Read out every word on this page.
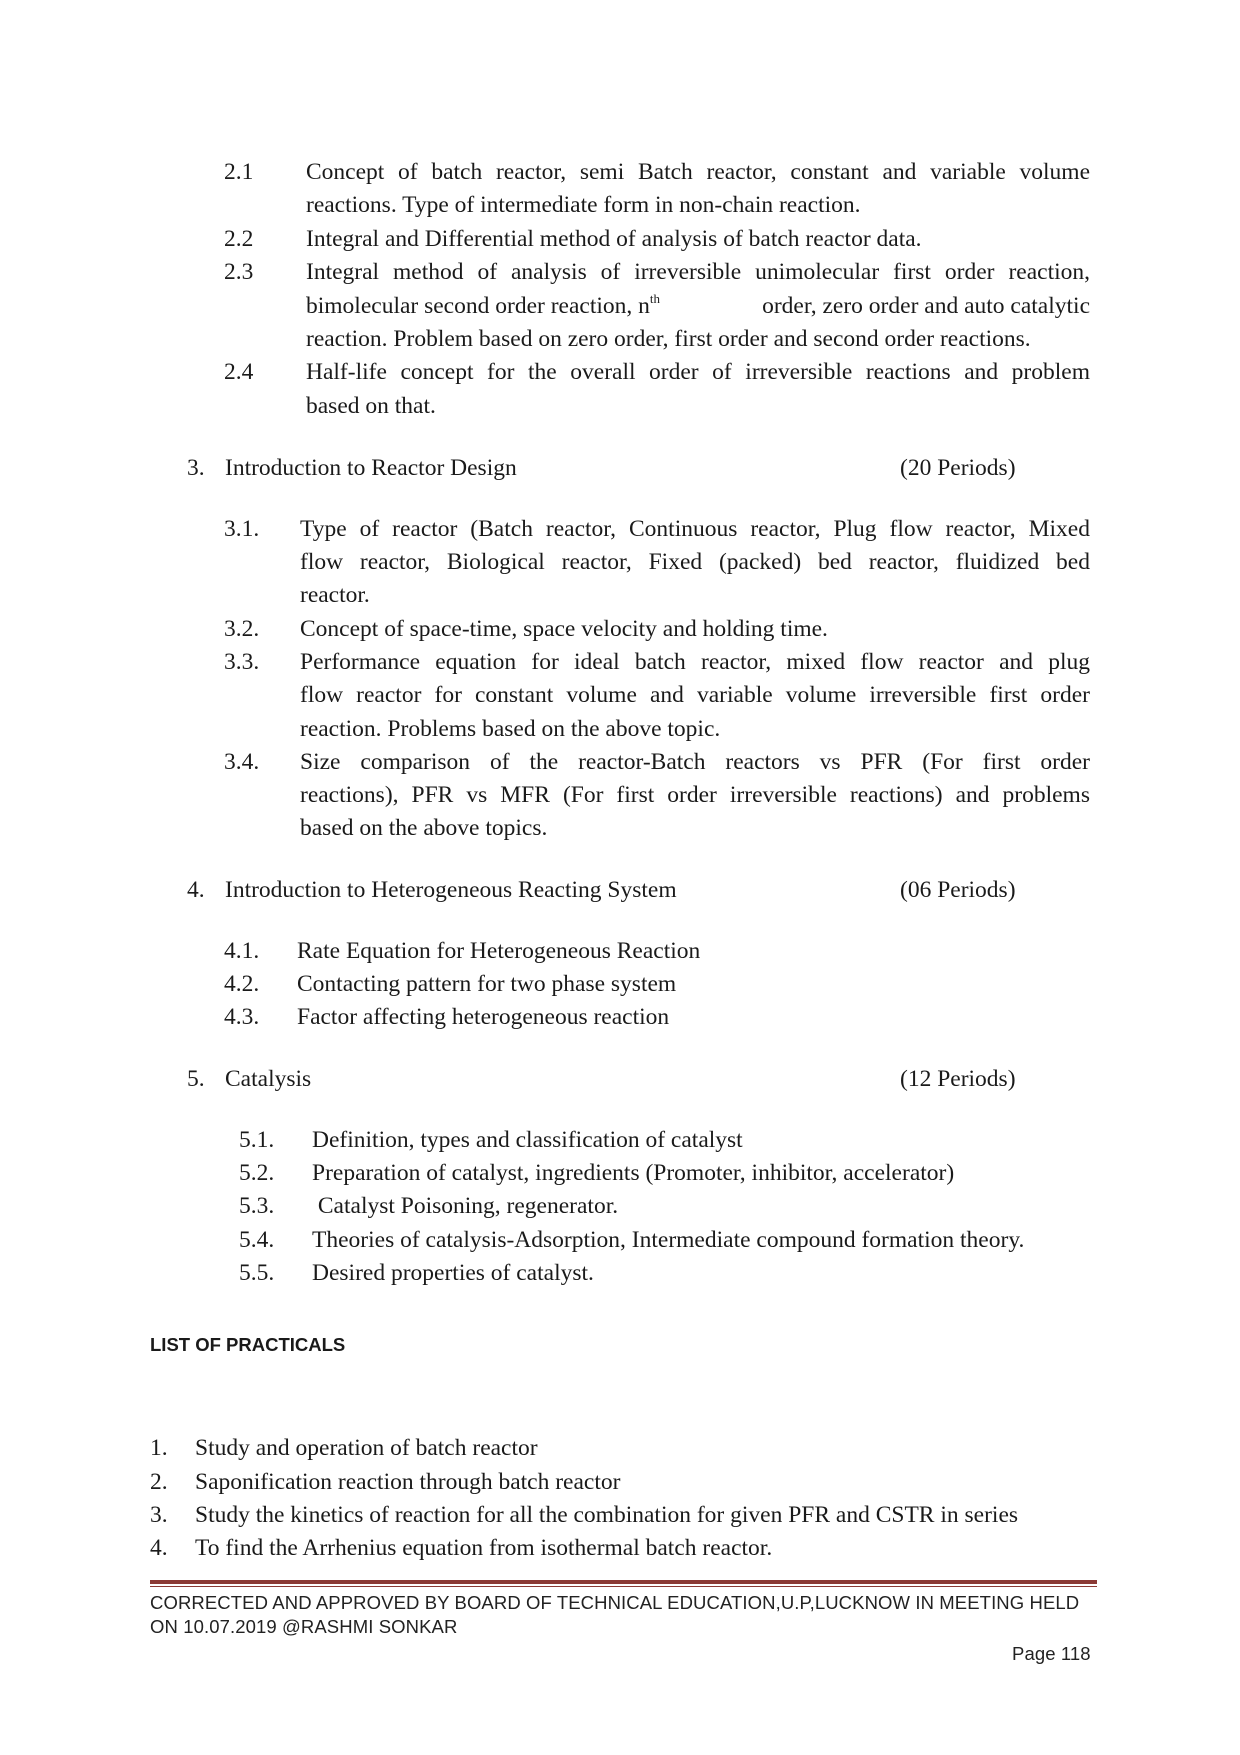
2.1 Concept of batch reactor, semi Batch reactor, constant and variable volume
reactions. Type of intermediate form in non-chain reaction.
2.2 Integral and Differential method of analysis of batch reactor data.
2.3 Integral method of analysis of irreversible unimolecular first order reaction,
bimolecular second order reaction, $n^{th}$	order, zero order and auto catalytic
reaction. Problem based on zero order, first order and second order reactions.
2.4 Half-life concept for the overall order of irreversible reactions and problem
based on that.
3. Introduction to Reactor Design	(20 Periods)
3.1. Type of reactor (Batch reactor, Continuous reactor, Plug flow reactor, Mixed
flow reactor, Biological reactor, Fixed (packed) bed reactor, fluidized bed
reactor.
3.2. Concept of space-time, space velocity and holding time.
3.3. Performance equation for ideal batch reactor, mixed flow reactor and plug
flow reactor for constant volume and variable volume irreversible first order
reaction. Problems based on the above topic.
3.4. Size comparison of the reactor-Batch reactors vs PFR (For first order
reactions), PFR vs MFR (For first order irreversible reactions) and problems
based on the above topics.
4. Introduction to Heterogeneous Reacting System	(06 Periods)
4.1. Rate Equation for Heterogeneous Reaction
4.2. Contacting pattern for two phase system
4.3. Factor affecting heterogeneous reaction
5. Catalysis	(12 Periods)
5.1. Definition, types and classification of catalyst
5.2. Preparation of catalyst, ingredients (Promoter, inhibitor, accelerator)
5.3. Catalyst Poisoning, regenerator.
5.4. Theories of catalysis-Adsorption, Intermediate compound formation theory.
5.5. Desired properties of catalyst.
LIST OF PRACTICALS
1. Study and operation of batch reactor
2. Saponification reaction through batch reactor
3. Study the kinetics of reaction for all the combination for given PFR and CSTR in series
4. To find the Arrhenius equation from isothermal batch reactor.
CORRECTED AND APPROVED BY BOARD OF TECHNICAL EDUCATION,U.P,LUCKNOW IN MEETING HELD
ON 10.07.2019 @RASHMI SONKAR
Page 118
